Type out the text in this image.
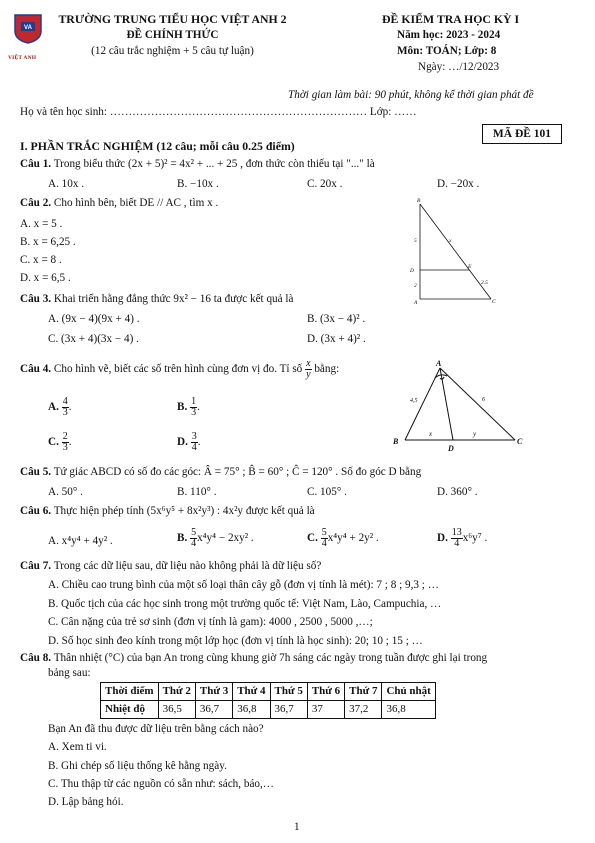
VA
VIỆT ANH

TRƯỜNG TRUNG TIỂU HỌC VIỆT ANH 2

ĐỀ CHÍNH THỨC

(12 câu trắc nghiệm + 5 câu tự luận)

ĐỀ KIỂM TRA HỌC KỲ I

Năm học: 2023 - 2024

Môn: TOÁN; Lớp: 8

Ngày: …/12/2023

Thời gian làm bài: 90 phút, không kể thời gian phát đề
Họ và tên học sinh: …………………………………………………………… Lớp: ……
MÃ ĐỀ 101
I. PHẦN TRẮC NGHIỆM (12 câu; mỗi câu 0.25 điểm)
Câu 1. Trong biểu thức (2x + 5)² = 4x² + ... + 25 , đơn thức còn thiếu tại "..." là
A. 10x .	B. −10x .	C. 20x .	D. −20x .
Câu 2. Cho hình bên, biết DE // AC , tìm x .
A. x = 5 .
B. x = 6,25 .
C. x = 8 .
D. x = 6,5 .
B
D
E
A	C
5
2
x
2.5
Câu 3. Khai triển hằng đẳng thức 9x² − 16 ta được kết quả là
A. (9x − 4)(9x + 4) .	B. (3x − 4)² .
C. (3x + 4)(3x − 4) .	D. (3x + 4)² .
Câu 4. Cho hình vẽ, biết các số trên hình cùng đơn vị đo. Tỉ số $\frac{x}{y}$ bằng:
A. $\frac{4}{3}$ .	B. $\frac{1}{3}$ .
C. $\frac{2}{3}$ .	D. $\frac{3}{4}$ .
A
B	C
D
4,5	6
x	y
Câu 5. Tứ giác ABCD có số đo các góc: Â = 75° ; B̂ = 60° ; Ĉ = 120° . Số đo góc D bằng
A. 50° .	B. 110° .	C. 105° .	D. 360° .
Câu 6. Thực hiện phép tính (5x⁶y⁵ + 8x²y³) : 4x²y được kết quả là
A. x⁴y⁴ + 4y² .	B. $\frac{5}{4} x^4y^4 - 2xy^2$ .	C. $\frac{5}{4} x^4y^4 + 2y^2$ .	D. $\frac{13}{4} x^6y^7$ .
Câu 7. Trong các dữ liệu sau, dữ liệu nào không phải là dữ liệu số?
A. Chiều cao trung bình của một số loại thân cây gỗ (đơn vị tính là mét): 7 ; 8 ; 9,3 ; …
B. Quốc tịch của các học sinh trong một trường quốc tế: Việt Nam, Lào, Campuchia, …
C. Cân nặng của trẻ sơ sinh (đơn vị tính là gam): 4000 , 2500 , 5000 ,…;
D. Số học sinh đeo kính trong một lớp học (đơn vị tính là học sinh): 20; 10 ; 15 ; …
Câu 8. Thân nhiệt (°C) của bạn An trong cùng khung giờ 7h sáng các ngày trong tuần được ghi lại trong
bảng sau:
Thời điểm	Thứ 2	Thứ 3	Thứ 4	Thứ 5	Thứ 6	Thứ 7	Chủ nhật
Nhiệt độ	36,5	36,7	36,8	36,7	37	37,2	36,8
Bạn An đã thu được dữ liệu trên bằng cách nào?
A. Xem ti vi.
B. Ghi chép số liệu thống kê hằng ngày.
C. Thu thập từ các nguồn có sẵn như: sách, báo,…
D. Lập bảng hỏi.
1
